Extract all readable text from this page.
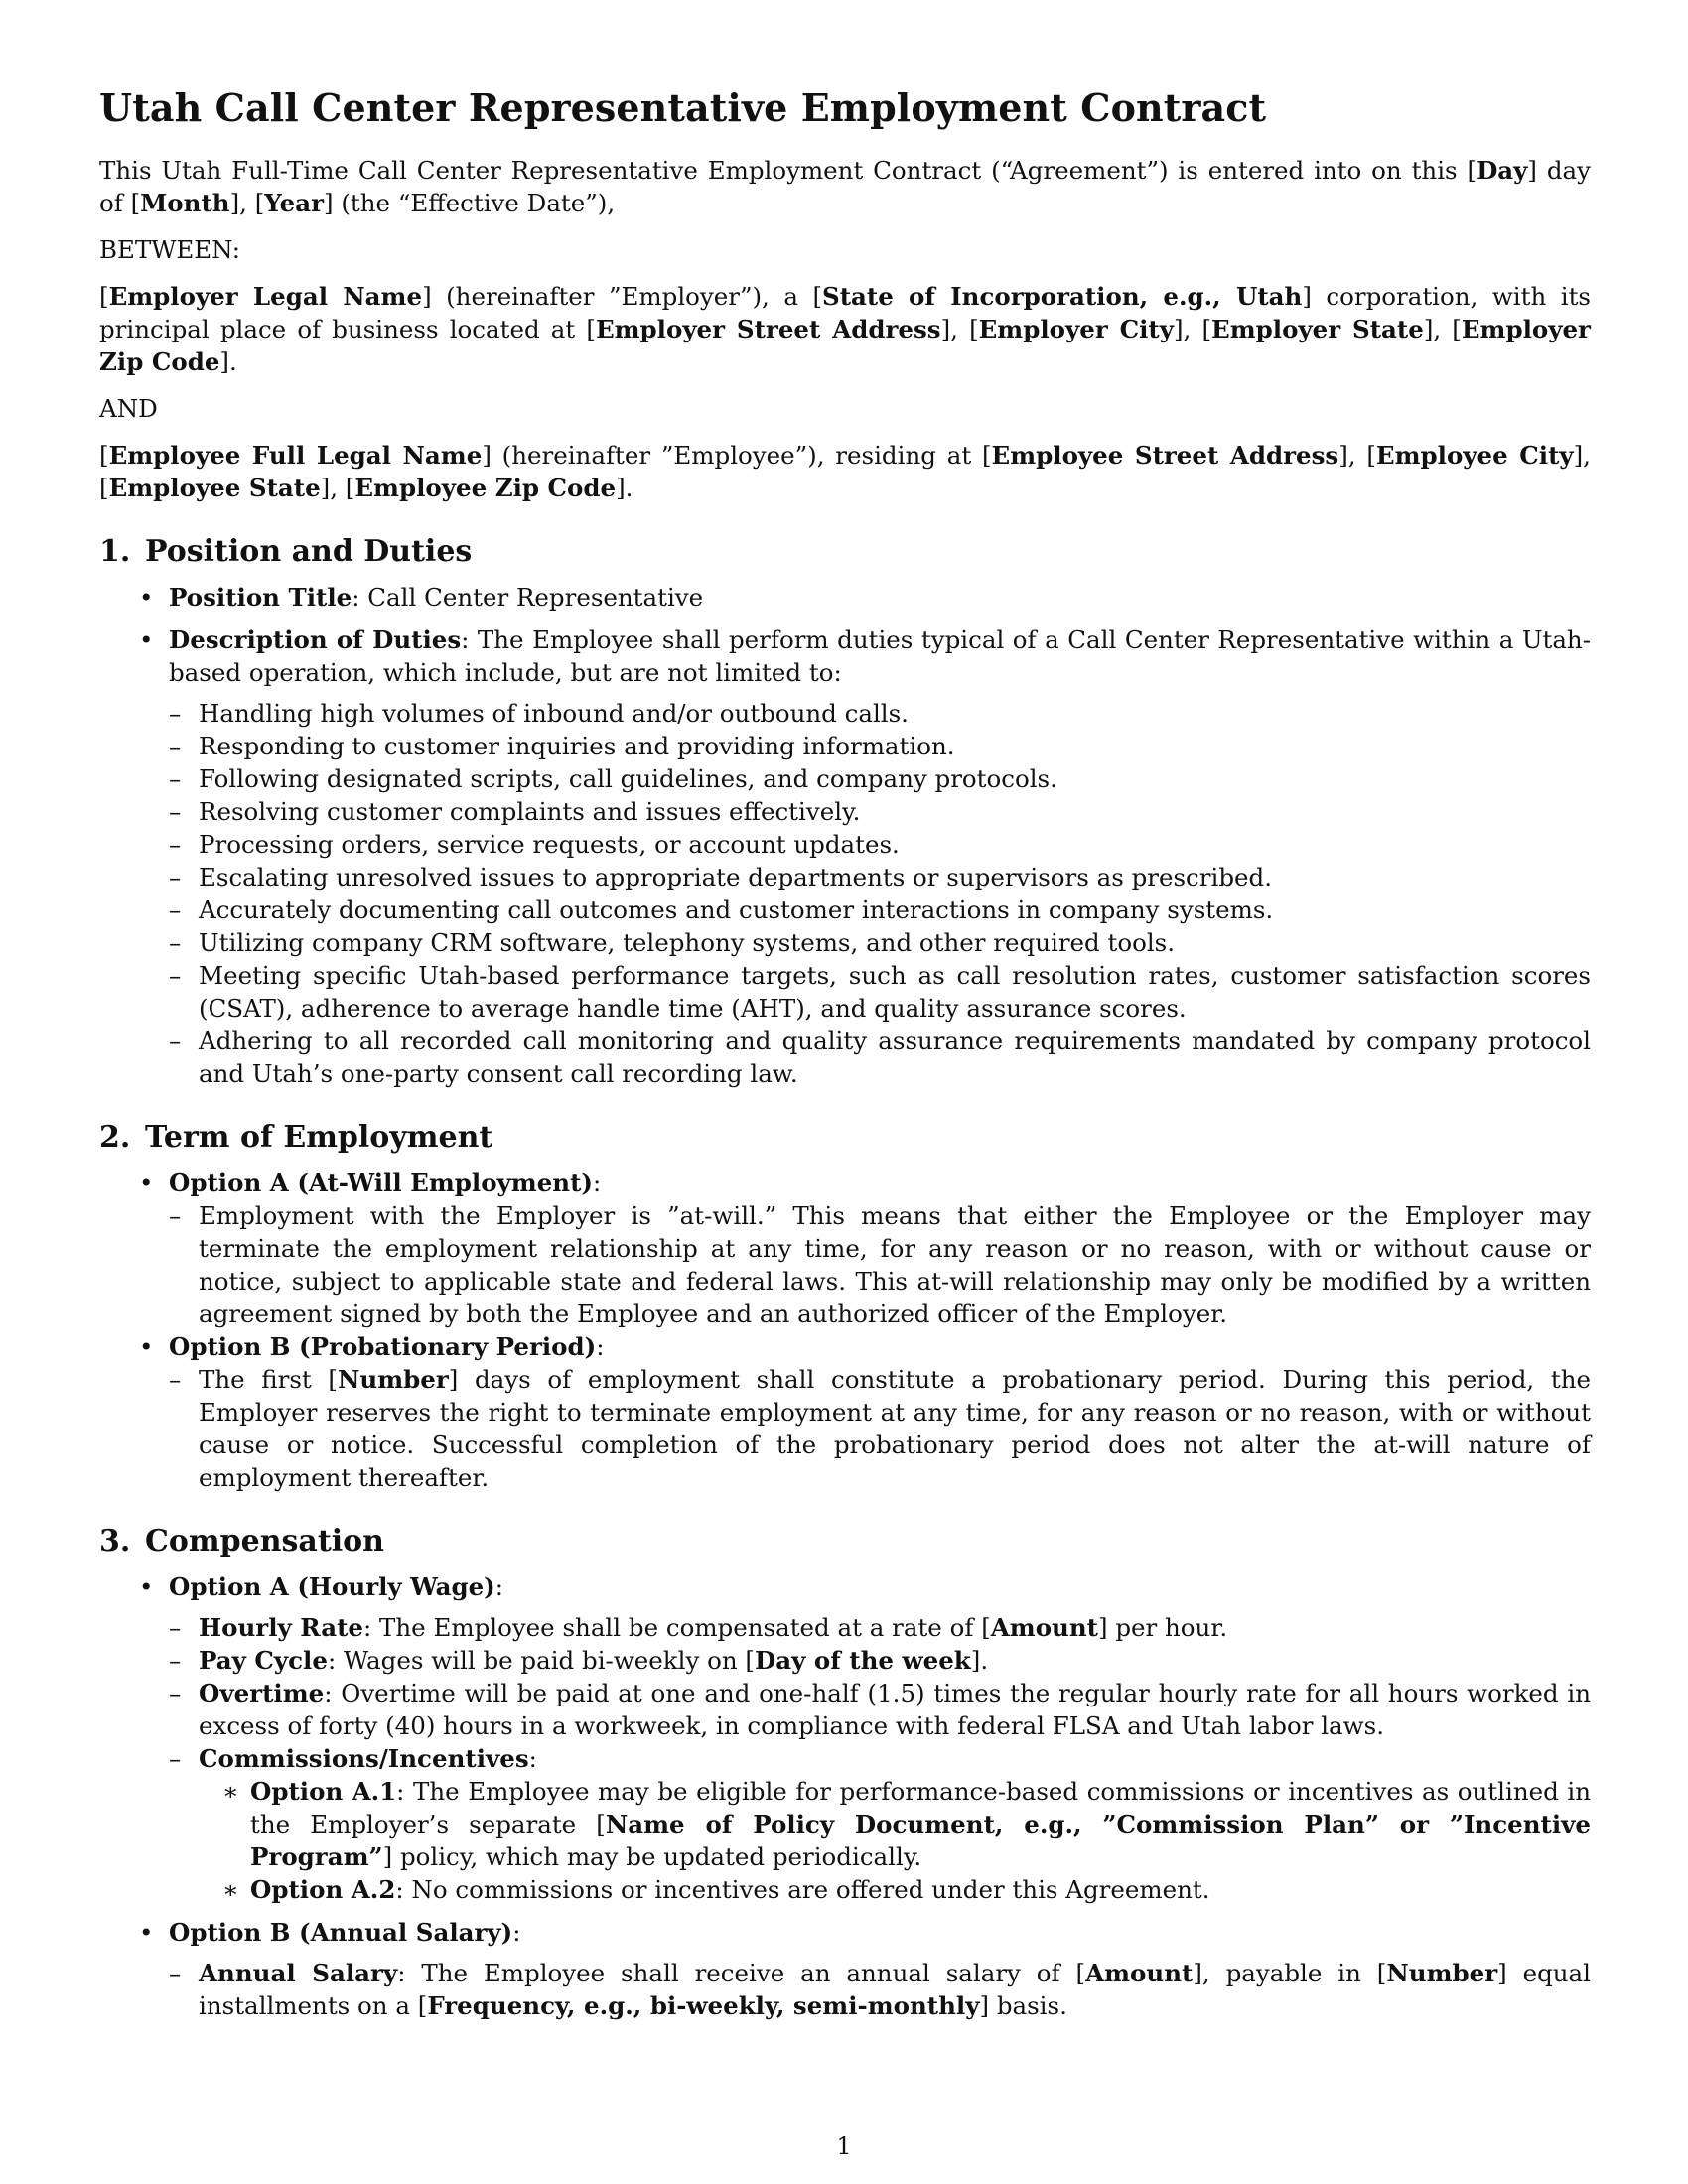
Utah Call Center Representative Employment Contract

This Utah Full-Time Call Center Representative Employment Contract (“Agreement”) is entered into on this [Day] day of [Month], [Year] (the “Effective Date”),

BETWEEN:

[Employer Legal Name] (hereinafter ”Employer”), a [State of Incorporation, e.g., Utah] corporation, with its principal place of business located at [Employer Street Address], [Employer City], [Employer State], [Employer Zip Code].

AND

[Employee Full Legal Name] (hereinafter ”Employee”), residing at [Employee Street Address], [Employee City], [Employee State], [Employee Zip Code].

1. Position and Duties
• Position Title: Call Center Representative
• Description of Duties: The Employee shall perform duties typical of a Call Center Representative within a Utah-based operation, which include, but are not limited to:
– Handling high volumes of inbound and/or outbound calls.
– Responding to customer inquiries and providing information.
– Following designated scripts, call guidelines, and company protocols.
– Resolving customer complaints and issues effectively.
– Processing orders, service requests, or account updates.
– Escalating unresolved issues to appropriate departments or supervisors as prescribed.
– Accurately documenting call outcomes and customer interactions in company systems.
– Utilizing company CRM software, telephony systems, and other required tools.
– Meeting specific Utah-based performance targets, such as call resolution rates, customer satisfaction scores (CSAT), adherence to average handle time (AHT), and quality assurance scores.
– Adhering to all recorded call monitoring and quality assurance requirements mandated by company protocol and Utah’s one-party consent call recording law.
2. Term of Employment
• Option A (At-Will Employment):
– Employment with the Employer is ”at-will.” This means that either the Employee or the Employer may terminate the employment relationship at any time, for any reason or no reason, with or without cause or notice, subject to applicable state and federal laws. This at-will relationship may only be modified by a written agreement signed by both the Employee and an authorized officer of the Employer.
• Option B (Probationary Period):
– The first [Number] days of employment shall constitute a probationary period. During this period, the Employer reserves the right to terminate employment at any time, for any reason or no reason, with or without cause or notice. Successful completion of the probationary period does not alter the at-will nature of employment thereafter.
3. Compensation
• Option A (Hourly Wage):
– Hourly Rate: The Employee shall be compensated at a rate of [Amount] per hour.
– Pay Cycle: Wages will be paid bi-weekly on [Day of the week].
– Overtime: Overtime will be paid at one and one-half (1.5) times the regular hourly rate for all hours worked in excess of forty (40) hours in a workweek, in compliance with federal FLSA and Utah labor laws.
– Commissions/Incentives:
∗ Option A.1: The Employee may be eligible for performance-based commissions or incentives as outlined in the Employer’s separate [Name of Policy Document, e.g., ”Commission Plan” or ”Incentive Program”] policy, which may be updated periodically.
∗ Option A.2: No commissions or incentives are offered under this Agreement.
• Option B (Annual Salary):
– Annual Salary: The Employee shall receive an annual salary of [Amount], payable in [Number] equal installments on a [Frequency, e.g., bi-weekly, semi-monthly] basis.
1
